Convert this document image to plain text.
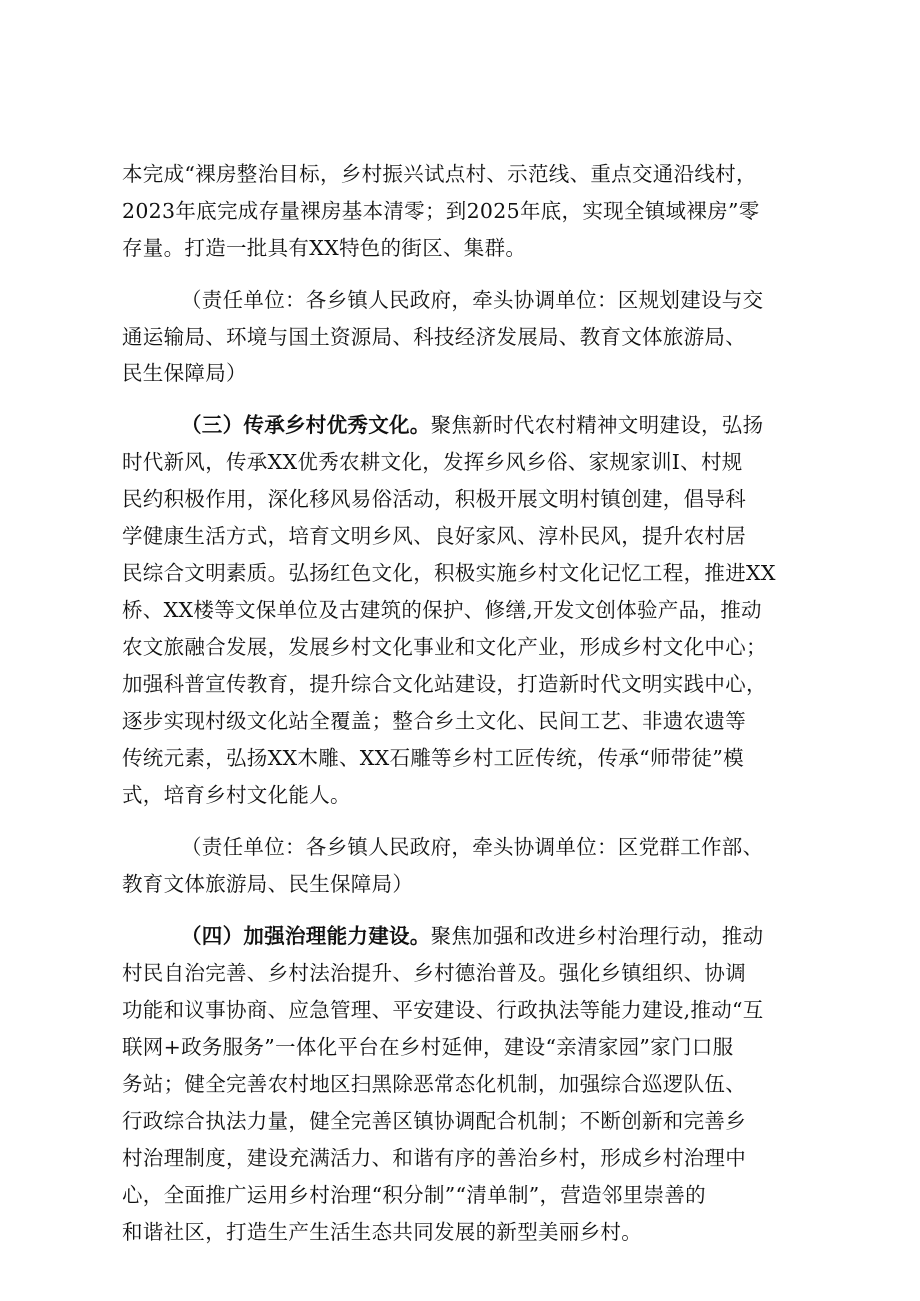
本完成“裸房整治目标，乡村振兴试点村、示范线、重点交通沿线村，
2023年底完成存量裸房基本清零；到2025年底，实现全镇域裸房”零
存量。打造一批具有XX特色的街区、集群。
（责任单位：各乡镇人民政府，牵头协调单位：区规划建设与交
通运输局、环境与国土资源局、科技经济发展局、教育文体旅游局、
民生保障局）
（三）传承乡村优秀文化。聚焦新时代农村精神文明建设，弘扬
时代新风，传承XX优秀农耕文化，发挥乡风乡俗、家规家训I、村规
民约积极作用，深化移风易俗活动，积极开展文明村镇创建，倡导科
学健康生活方式，培育文明乡风、良好家风、淳朴民风，提升农村居
民综合文明素质。弘扬红色文化，积极实施乡村文化记忆工程，推进XX
桥、XX楼等文保单位及古建筑的保护、修缮,开发文创体验产品，推动
农文旅融合发展，发展乡村文化事业和文化产业，形成乡村文化中心；
加强科普宣传教育，提升综合文化站建设，打造新时代文明实践中心，
逐步实现村级文化站全覆盖；整合乡土文化、民间工艺、非遗农遗等
传统元素，弘扬XX木雕、XX石雕等乡村工匠传统，传承“师带徒”模
式，培育乡村文化能人。
（责任单位：各乡镇人民政府，牵头协调单位：区党群工作部、
教育文体旅游局、民生保障局）
（四）加强治理能力建设。聚焦加强和改进乡村治理行动，推动
村民自治完善、乡村法治提升、乡村德治普及。强化乡镇组织、协调
功能和议事协商、应急管理、平安建设、行政执法等能力建设,推动“互
联网+政务服务”一体化平台在乡村延伸，建设“亲清家园”家门口服
务站；健全完善农村地区扫黑除恶常态化机制，加强综合巡逻队伍、
行政综合执法力量，健全完善区镇协调配合机制；不断创新和完善乡
村治理制度，建设充满活力、和谐有序的善治乡村，形成乡村治理中
心，全面推广运用乡村治理“积分制”“清单制”，营造邻里崇善的
和谐社区，打造生产生活生态共同发展的新型美丽乡村。
